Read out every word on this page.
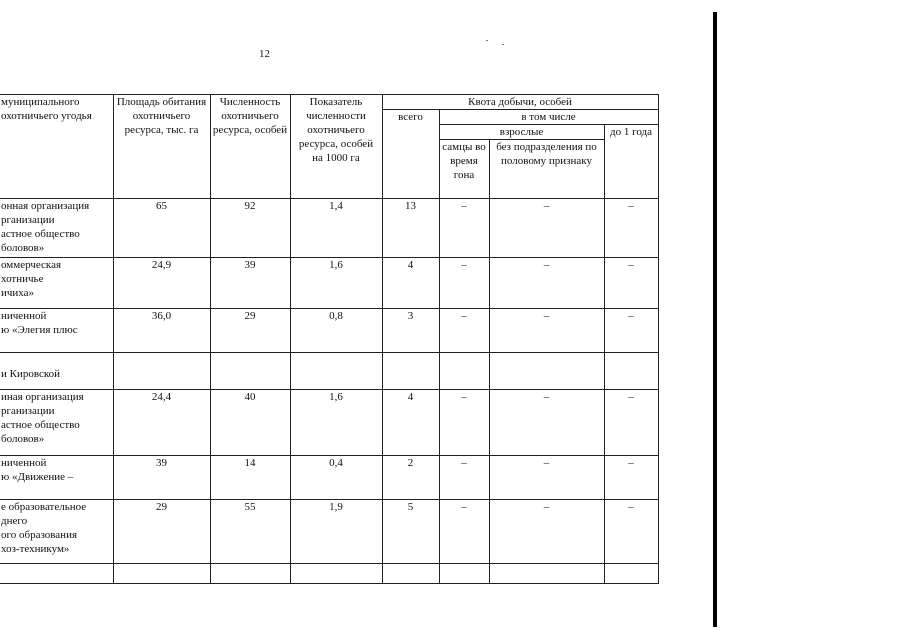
12
муниципального
охотничьего угодья	Площадь обитания охотничьего ресурса, тыс. га	Численность охотничьего ресурса, особей	Показатель численности охотничьего ресурса, особей на 1000 га	Квота добычи, особей			
				всего	в том числе		
					взрослые		до 1 года
					самцы во время гона	без подразделения по половому признаку	
онная организация
рганизации
астное общество
боловов»	65	92	1,4	13	–	–	–
оммерческая
хотничье
ичиха»	24,9	39	1,6	4	–	–	–
ниченной
ю «Элегия плюс	36,0	29	0,8	3	–	–	–

и Кировской							
иная организация
рганизации
астное общество
боловов»	24,4	40	1,6	4	–	–	–
ниченной
ю «Движение –	39	14	0,4	2	–	–	–
е образовательное
днего
ого образования
хоз-техникум»	29	55	1,9	5	–	–	–
